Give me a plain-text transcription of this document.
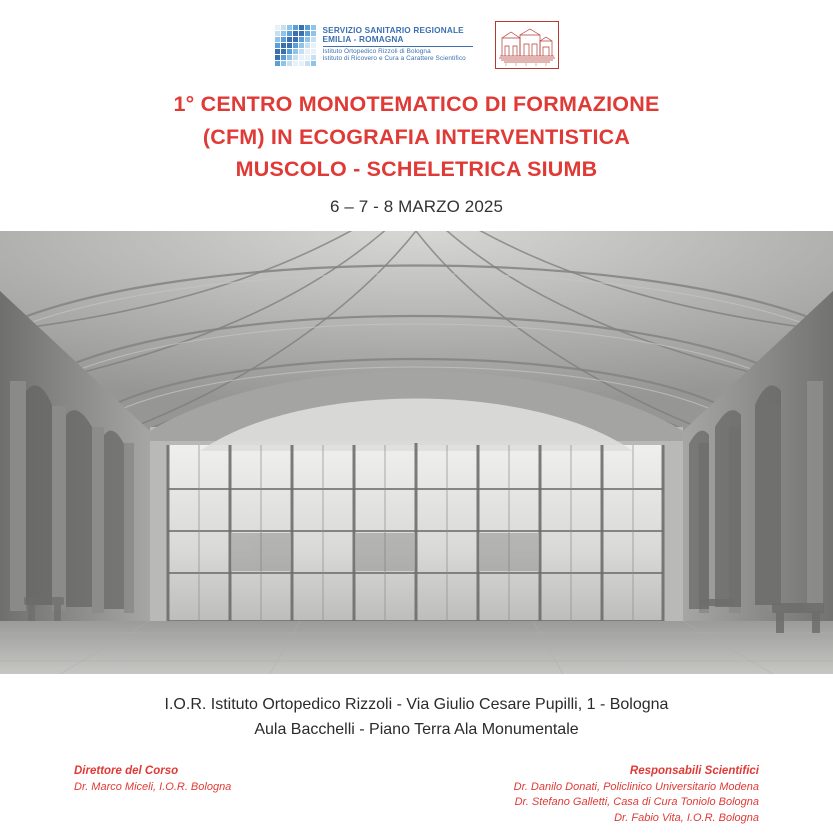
SERVIZIO SANITARIO REGIONALE
EMILIA - ROMAGNA
Istituto Ortopedico Rizzoli di Bologna
Istituto di Ricovero e Cura a Carattere Scientifico
1° CENTRO MONOTEMATICO DI FORMAZIONE
(CFM) IN ECOGRAFIA INTERVENTISTICA
MUSCOLO - SCHELETRICA SIUMB
6 – 7 - 8 MARZO 2025
I.O.R. Istituto Ortopedico Rizzoli - Via Giulio Cesare Pupilli, 1 - Bologna
Aula Bacchelli - Piano Terra Ala Monumentale
Direttore del Corso
Dr. Marco Miceli, I.O.R. Bologna
Responsabili Scientifici
Dr. Danilo Donati, Policlinico Universitario Modena
Dr. Stefano Galletti, Casa di Cura Toniolo Bologna
Dr. Fabio Vita, I.O.R. Bologna
